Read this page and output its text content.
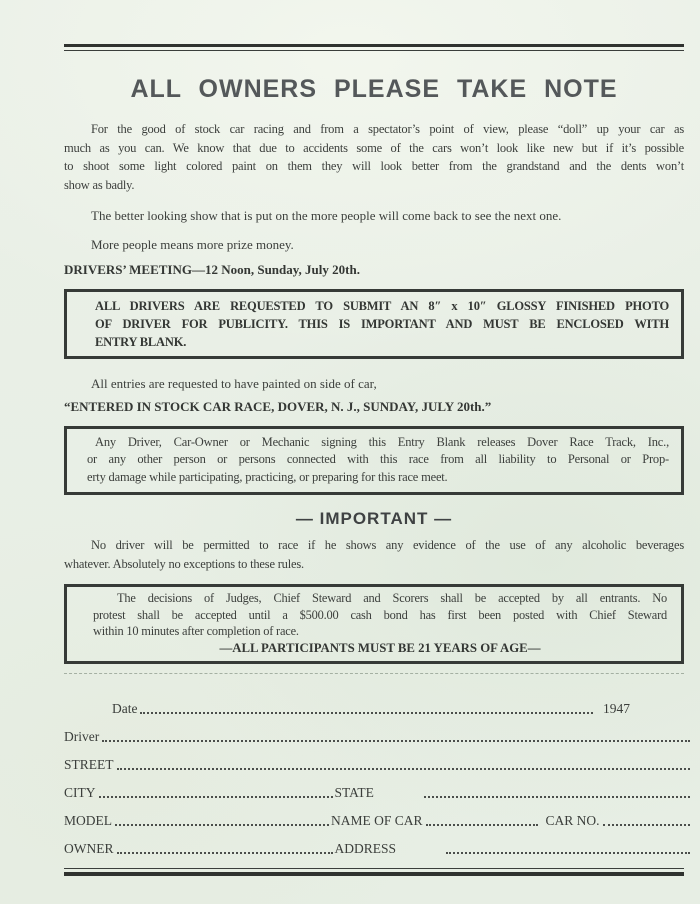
ALL OWNERS PLEASE TAKE NOTE
For the good of stock car racing and from a spectator’s point of view, please “doll” up your car as
much as you can. We know that due to accidents some of the cars won’t look like new but if it’s possible
to shoot some light colored paint on them they will look better from the grandstand and the dents won’t
show as badly.

The better looking show that is put on the more people will come back to see the next one.

More people means more prize money.

DRIVERS’ MEETING—12 Noon, Sunday, July 20th.

ALL DRIVERS ARE REQUESTED TO SUBMIT AN 8″ x 10″ GLOSSY FINISHED PHOTO
OF DRIVER FOR PUBLICITY. THIS IS IMPORTANT AND MUST BE ENCLOSED WITH
ENTRY BLANK.

All entries are requested to have painted on side of car,

“ENTERED IN STOCK CAR RACE, DOVER, N. J., SUNDAY, JULY 20th.”

Any Driver, Car-Owner or Mechanic signing this Entry Blank releases Dover Race Track, Inc.,
or any other person or persons connected with this race from all liability to Personal or Prop-
erty damage while participating, practicing, or preparing for this race meet.
— IMPORTANT —
No driver will be permitted to race if he shows any evidence of the use of any alcoholic beverages
whatever. Absolutely no exceptions to these rules.
The decisions of Judges, Chief Steward and Scorers shall be accepted by all entrants. No
protest shall be accepted until a $500.00 cash bond has first been posted with Chief Steward
within 10 minutes after completion of race.
—ALL PARTICIPANTS MUST BE 21 YEARS OF AGE—
Date	1947
Driver
STREET
CITY	STATE
MODEL	NAME OF CAR	CAR NO.
OWNER	ADDRESS
